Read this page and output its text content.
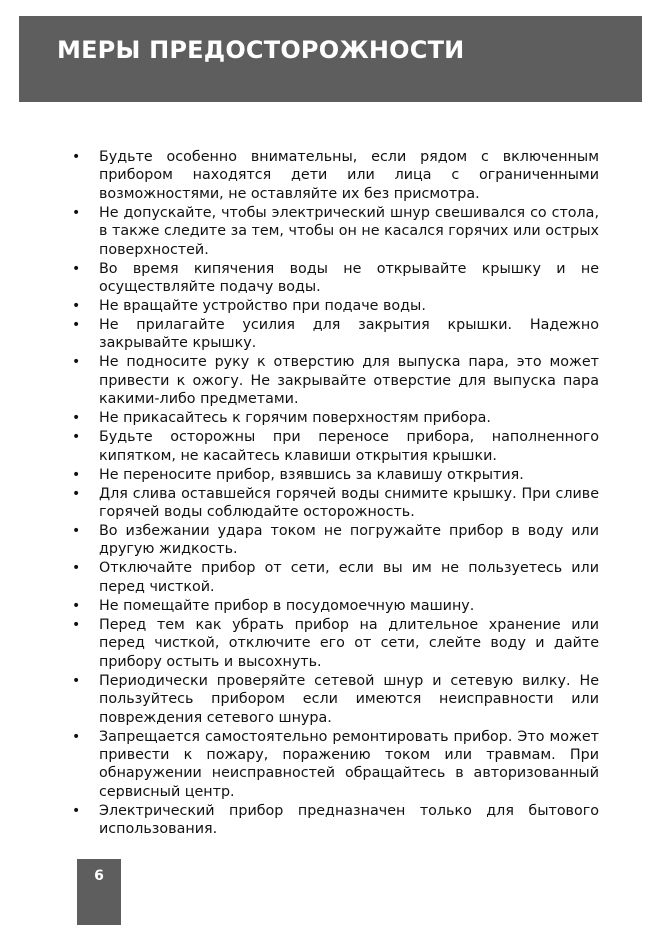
МЕРЫ ПРЕДОСТОРОЖНОСТИ
• Будьте особенно внимательны, если рядом с включенным прибором находятся дети или лица с ограниченными возможностями, не оставляйте их без присмотра.
• Не допускайте, чтобы электрический шнур свешивался со стола, в также следите за тем, чтобы он не касался горячих или острых поверхностей.
• Во время кипячения воды не открывайте крышку и не осуществляйте подачу воды.
• Не вращайте устройство при подаче воды.
• Не прилагайте усилия для закрытия крышки. Надежно закрывайте крышку.
• Не подносите руку к отверстию для выпуска пара, это может привести к ожогу. Не закрывайте отверстие для выпуска пара какими-либо предметами.
• Не прикасайтесь к горячим поверхностям прибора.
• Будьте осторожны при переносе прибора, наполненного кипятком, не касайтесь клавиши открытия крышки.
• Не переносите прибор, взявшись за клавишу открытия.
• Для слива оставшейся горячей воды снимите крышку. При сливе горячей воды соблюдайте осторожность.
• Во избежании удара током не погружайте прибор в воду или другую жидкость.
• Отключайте прибор от сети, если вы им не пользуетесь или перед чисткой.
• Не помещайте прибор в посудомоечную машину.
• Перед тем как убрать прибор на длительное хранение или перед чисткой, отключите его от сети, слейте воду и дайте прибору остыть и высохнуть.
• Периодически проверяйте сетевой шнур и сетевую вилку. Не пользуйтесь прибором если имеются неисправности или повреждения сетевого шнура.
• Запрещается самостоятельно ремонтировать прибор. Это может привести к пожару, поражению током или травмам. При обнаружении неисправностей обращайтесь в авторизованный сервисный центр.
• Электрический прибор предназначен только для бытового использования.
6
